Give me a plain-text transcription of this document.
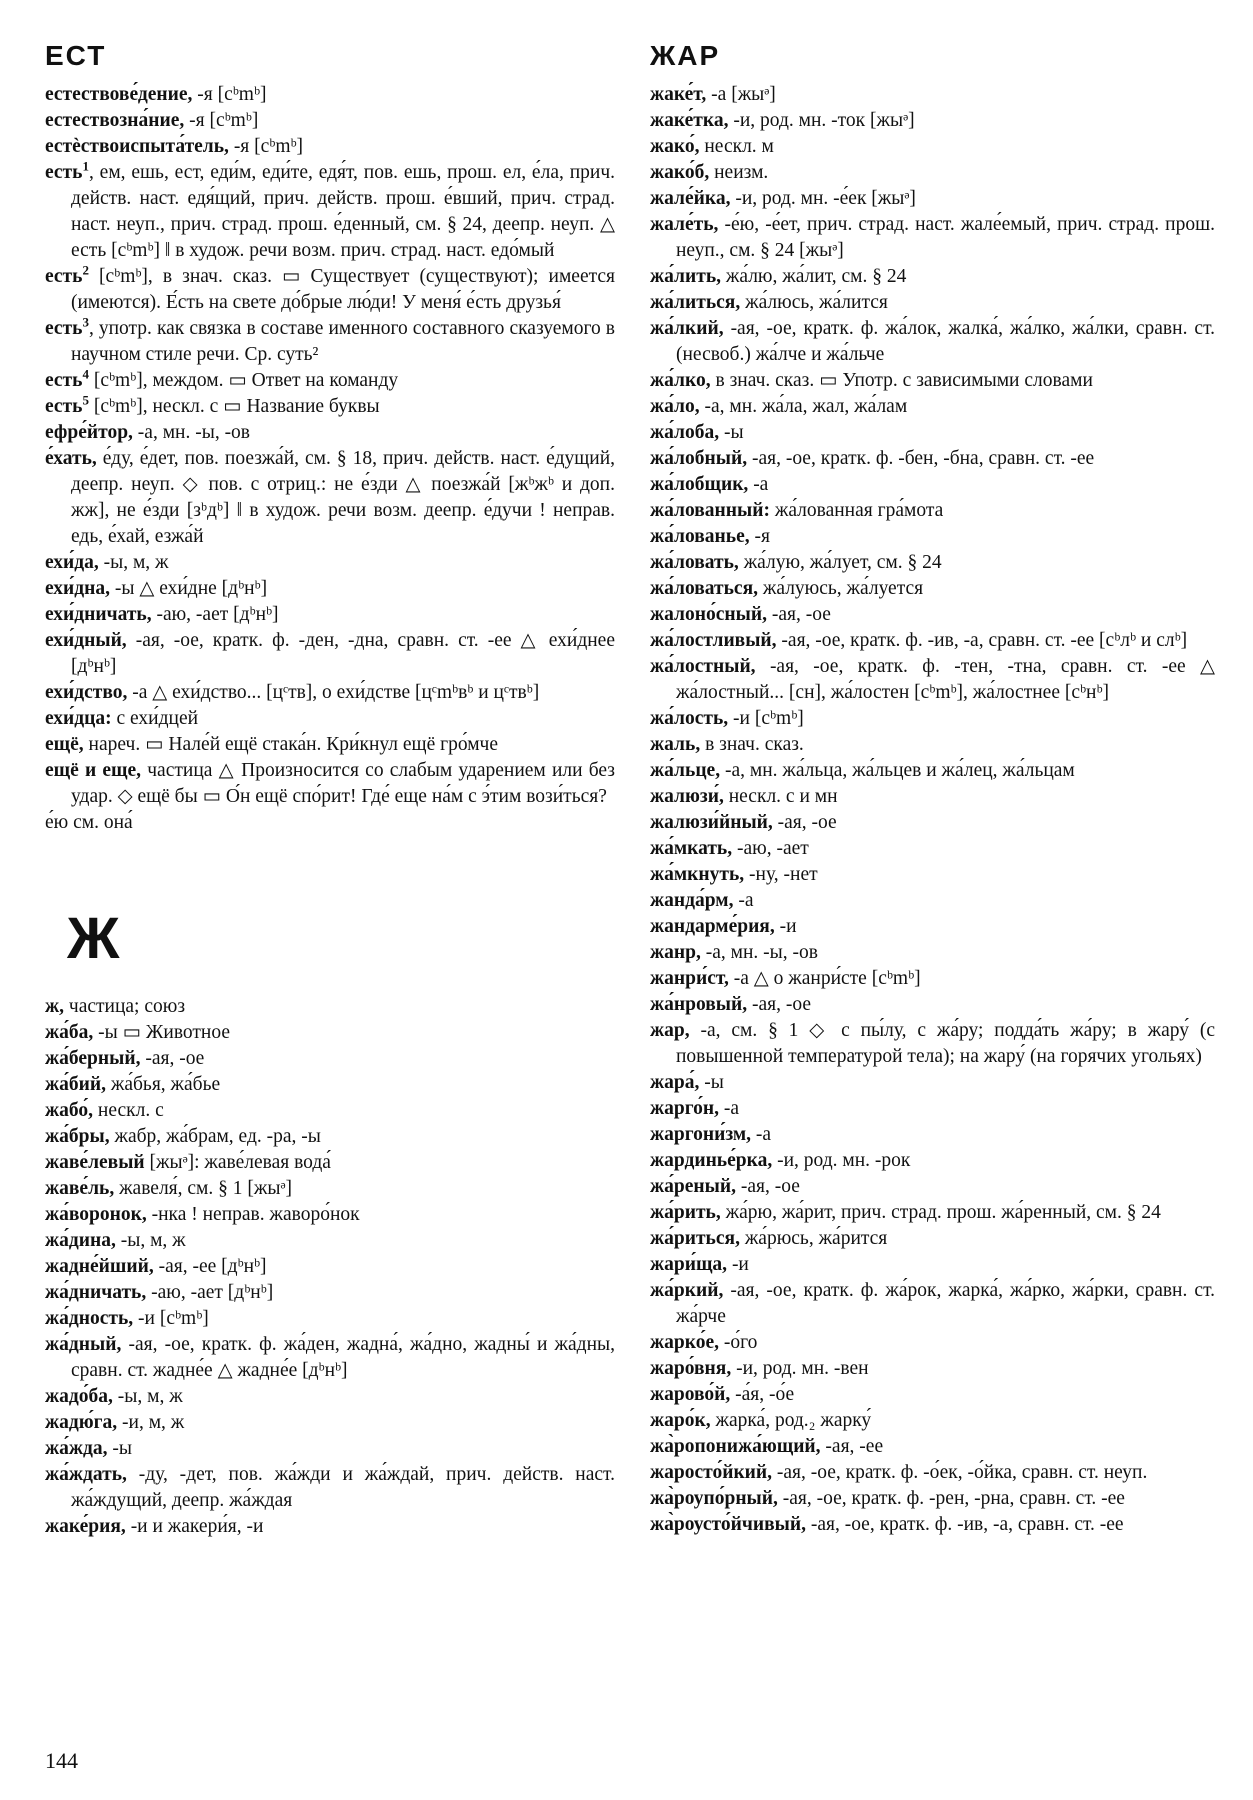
ЕСТ

естествове́дение, -я [cᵇmᵇ]

естествозна́ние, -я [cᵇmᵇ]

естѐствоиспыта́тель, -я [cᵇmᵇ]

есть$^1$, ем, ешь, ест, еди́м, еди́те, едя́т, пов. ешь, прош. ел, е́ла, прич. действ. наст. едя́щий, прич. действ. прош. е́вший, прич. страд. наст. неуп., прич. страд. прош. е́денный, см. § 24, деепр. неуп. △ есть [cᵇmᵇ] ‖ в худож. речи возм. прич. страд. наст. едо́мый

есть$^2$ [cᵇmᵇ], в знач. сказ. ▭ Существует (существуют); имеется (имеются). Е́сть на свете до́брые лю́ди! У меня́ е́сть друзья́

есть$^3$, употр. как связка в составе именного составного сказуемого в научном стиле речи. Ср. суть²

есть$^4$ [cᵇmᵇ], междом. ▭ Ответ на команду

есть$^5$ [cᵇmᵇ], нескл. с ▭ Название буквы

ефре́йтор, -а, мн. -ы, -ов

е́хать, е́ду, е́дет, пов. поезжа́й, см. § 18, прич. действ. наст. е́дущий, деепр. неуп. ◇ пов. с отриц.: не е́зди △ поезжа́й [жᵇжᵇ и доп. жж], не е́зди [зᵇдᵇ] ‖ в худож. речи возм. деепр. е́дучи ! неправ. едь, е́хай, езжа́й

ехи́да, -ы, м, ж

ехи́дна, -ы △ ехи́дне [дᵇнᵇ]

ехи́дничать, -аю, -ает [дᵇнᵇ]

ехи́дный, -ая, -ое, кратк. ф. -ден, -дна, сравн. ст. -ее △ ехи́днее [дᵇнᵇ]

ехи́дство, -а △ ехи́дство... [цᶜтв], о ехи́дстве [цᶜmᵇвᵇ и цᶜтвᵇ]

ехи́дца: с ехи́дцей

ещё, нареч. ▭ Нале́й ещё стака́н. Кри́кнул ещё гро́мче

ещё и еще, частица △ Произносится со слабым ударением или без удар. ◇ ещё бы ▭ О́н ещё спо́рит! Где́ еще на́м с э́тим вози́ться?

е́ю см. она́

Ж

ж, частица; союз

жа́ба, -ы ▭ Животное

жа́берный, -ая, -ое

жа́бий, жа́бья, жа́бье

жабо́, нескл. с

жа́бры, жабр, жа́брам, ед. -ра, -ы

жаве́левый [жыᵊ]: жаве́левая вода́

жаве́ль, жавеля́, см. § 1 [жыᵊ]

жа́воронок, -нка ! неправ. жаворо́нок

жа́дина, -ы, м, ж

жадне́йший, -ая, -ее [дᵇнᵇ]

жа́дничать, -аю, -ает [дᵇнᵇ]

жа́дность, -и [cᵇmᵇ]

жа́дный, -ая, -ое, кратк. ф. жа́ден, жадна́, жа́дно, жадны́ и жа́дны, сравн. ст. жадне́е △ жадне́е [дᵇнᵇ]

жадо́ба, -ы, м, ж

жадю́га, -и, м, ж

жа́жда, -ы

жа́ждать, -ду, -дет, пов. жа́жди и жа́ждай, прич. действ. наст. жа́ждущий, деепр. жа́ждая

жаке́рия, -и и жакери́я, -и

ЖАР

жаке́т, -а [жыᵊ]

жаке́тка, -и, род. мн. -ток [жыᵊ]

жако́, нескл. м

жако́б, неизм.

жале́йка, -и, род. мн. -е́ек [жыᵊ]

жале́ть, -е́ю, -е́ет, прич. страд. наст. жале́емый, прич. страд. прош. неуп., см. § 24 [жыᵊ]

жа́лить, жа́лю, жа́лит, см. § 24

жа́литься, жа́люсь, жа́лится

жа́лкий, -ая, -ое, кратк. ф. жа́лок, жалка́, жа́лко, жа́лки, сравн. ст. (несвоб.) жа́лче и жа́льче

жа́лко, в знач. сказ. ▭ Употр. с зависимыми словами

жа́ло, -а, мн. жа́ла, жал, жа́лам

жа́лоба, -ы

жа́лобный, -ая, -ое, кратк. ф. -бен, -бна, сравн. ст. -ее

жа́лобщик, -а

жа́лованный: жа́лованная гра́мота

жа́лованье, -я

жа́ловать, жа́лую, жа́лует, см. § 24

жа́ловаться, жа́луюсь, жа́луется

жалоно́сный, -ая, -ое

жа́лостливый, -ая, -ое, кратк. ф. -ив, -а, сравн. ст. -ее [сᵇлᵇ и слᵇ]

жа́лостный, -ая, -ое, кратк. ф. -тен, -тна, сравн. ст. -ее △ жа́лостный... [сн], жа́лостен [cᵇmᵇ], жа́лостнее [сᵇнᵇ]

жа́лость, -и [cᵇmᵇ]

жаль, в знач. сказ.

жа́льце, -а, мн. жа́льца, жа́льцев и жа́лец, жа́льцам

жалюзи́, нескл. с и мн

жалюзи́йный, -ая, -ое

жа́мкать, -аю, -ает

жа́мкнуть, -ну, -нет

жанда́рм, -а

жандарме́рия, -и

жанр, -а, мн. -ы, -ов

жанри́ст, -а △ о жанри́сте [cᵇmᵇ]

жа́нровый, -ая, -ое

жар, -а, см. § 1 ◇ с пы́лу, с жа́ру; подда́ть жа́ру; в жару́ (с повышенной температурой тела); на жару́ (на горячих угольях)

жара́, -ы

жарго́н, -а

жаргони́зм, -а

жардинье́рка, -и, род. мн. -рок

жа́реный, -ая, -ое

жа́рить, жа́рю, жа́рит, прич. страд. прош. жа́ренный, см. § 24

жа́риться, жа́рюсь, жа́рится

жари́ща, -и

жа́ркий, -ая, -ое, кратк. ф. жа́рок, жарка́, жа́рко, жа́рки, сравн. ст. жа́рче

жарко́е, -о́го

жаро́вня, -и, род. мн. -вен

жарово́й, -а́я, -о́е

жаро́к, жарка́, род.₂ жарку́

жа̀ропонижа́ющий, -ая, -ее

жаросто́йкий, -ая, -ое, кратк. ф. -о́ек, -о́йка, сравн. ст. неуп.

жа̀роупо́рный, -ая, -ое, кратк. ф. -рен, -рна, сравн. ст. -ее

жа̀роусто́йчивый, -ая, -ое, кратк. ф. -ив, -а, сравн. ст. -ее

144
